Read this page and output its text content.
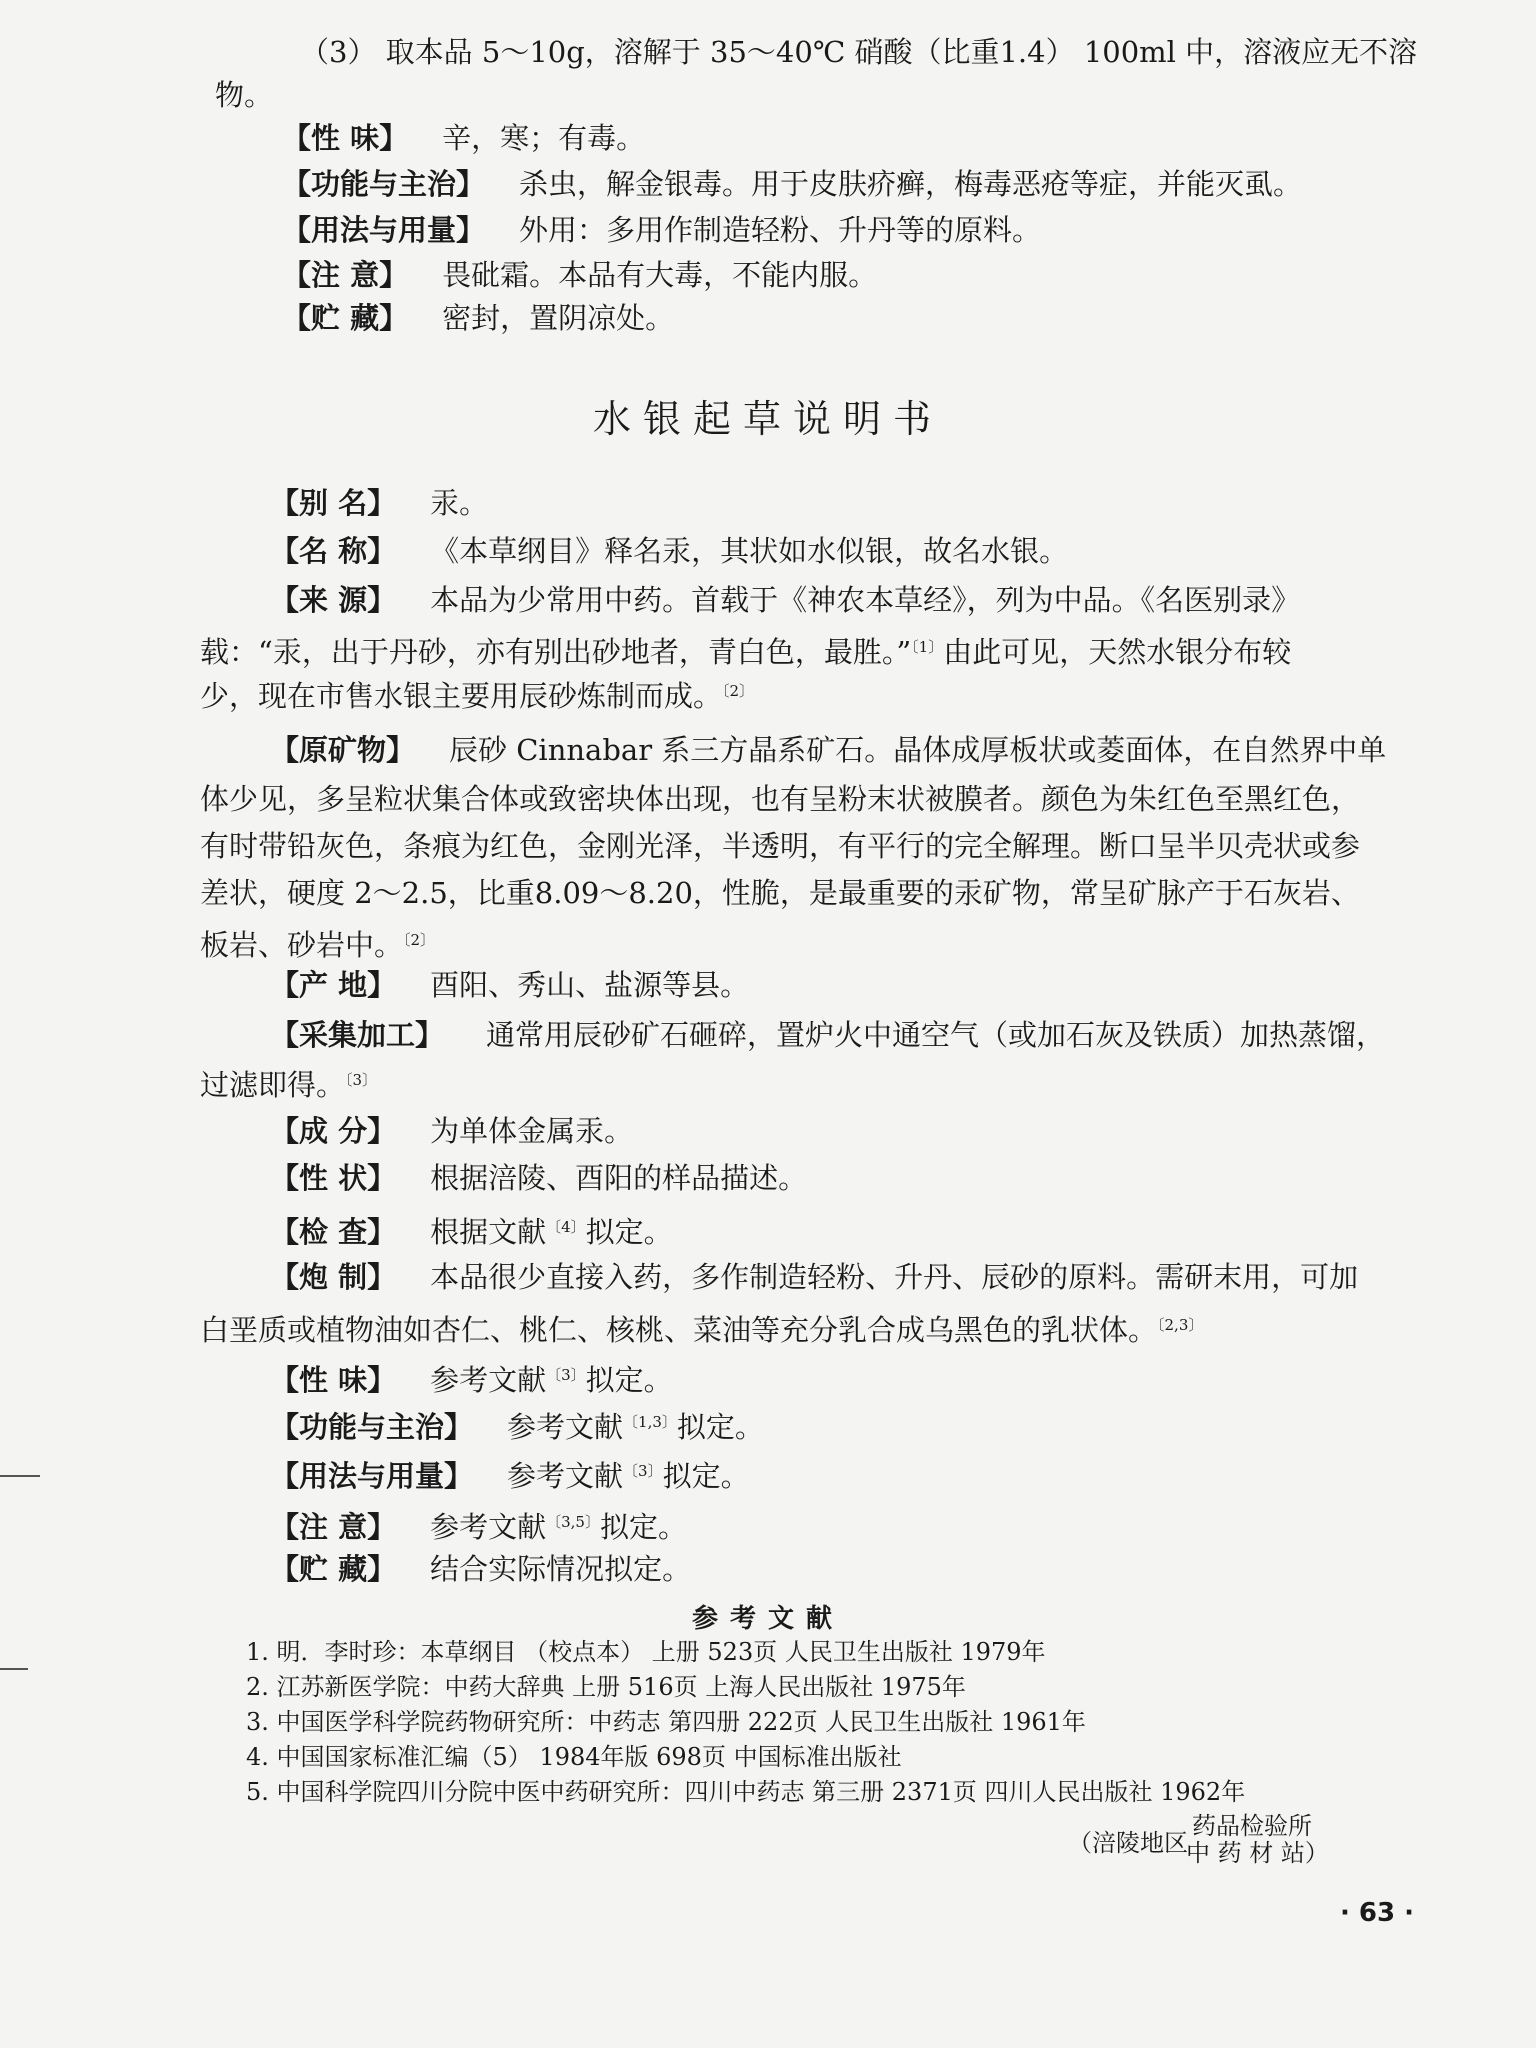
（3） 取本品 5～10g，溶解于 35～40℃ 硝酸（比重1.4） 100ml 中，溶液应无不溶
物。
【性 味】 辛，寒；有毒。
【功能与主治】 杀虫，解金银毒。用于皮肤疥癣，梅毒恶疮等症，并能灭虱。
【用法与用量】 外用：多用作制造轻粉、升丹等的原料。
【注 意】 畏砒霜。本品有大毒，不能内服。
【贮 藏】 密封，置阴凉处。
水银起草说明书
【别 名】 汞。
【名 称】 《本草纲目》释名汞，其状如水似银，故名水银。
【来 源】 本品为少常用中药。首载于《神农本草经》，列为中品。《名医别录》
载：“汞，出于丹砂，亦有别出砂地者，青白色，最胜。”$^{〔1〕}$由此可见，天然水银分布较
少，现在市售水银主要用辰砂炼制而成。$^{〔2〕}$
【原矿物】 辰砂 Cinnabar 系三方晶系矿石。晶体成厚板状或菱面体，在自然界中单
体少见，多呈粒状集合体或致密块体出现，也有呈粉末状被膜者。颜色为朱红色至黑红色，
有时带铅灰色，条痕为红色，金刚光泽，半透明，有平行的完全解理。断口呈半贝壳状或参
差状，硬度 2～2.5，比重8.09～8.20，性脆，是最重要的汞矿物，常呈矿脉产于石灰岩、
板岩、砂岩中。$^{〔2〕}$
【产 地】 酉阳、秀山、盐源等县。
【采集加工】 通常用辰砂矿石砸碎，置炉火中通空气（或加石灰及铁质）加热蒸馏，
过滤即得。$^{〔3〕}$
【成 分】 为单体金属汞。
【性 状】 根据涪陵、酉阳的样品描述。
【检 查】 根据文献$^{〔4〕}$拟定。
【炮 制】 本品很少直接入药，多作制造轻粉、升丹、辰砂的原料。需研末用，可加
白垩质或植物油如杏仁、桃仁、核桃、菜油等充分乳合成乌黑色的乳状体。$^{〔2,3〕}$
【性 味】 参考文献$^{〔3〕}$拟定。
【功能与主治】 参考文献$^{〔1,3〕}$拟定。
【用法与用量】 参考文献$^{〔3〕}$拟定。
【注 意】 参考文献$^{〔3,5〕}$拟定。
【贮 藏】 结合实际情况拟定。
参考文献
1. 明．李时珍：本草纲目 （校点本） 上册 523页 人民卫生出版社 1979年
2. 江苏新医学院：中药大辞典 上册 516页 上海人民出版社 1975年
3. 中国医学科学院药物研究所：中药志 第四册 222页 人民卫生出版社 1961年
4. 中国国家标准汇编（5） 1984年版 698页 中国标准出版社
5. 中国科学院四川分院中医中药研究所：四川中药志 第三册 2371页 四川人民出版社 1962年
（涪陵地区
药品检验所
中 药 材 站）
· 63 ·
